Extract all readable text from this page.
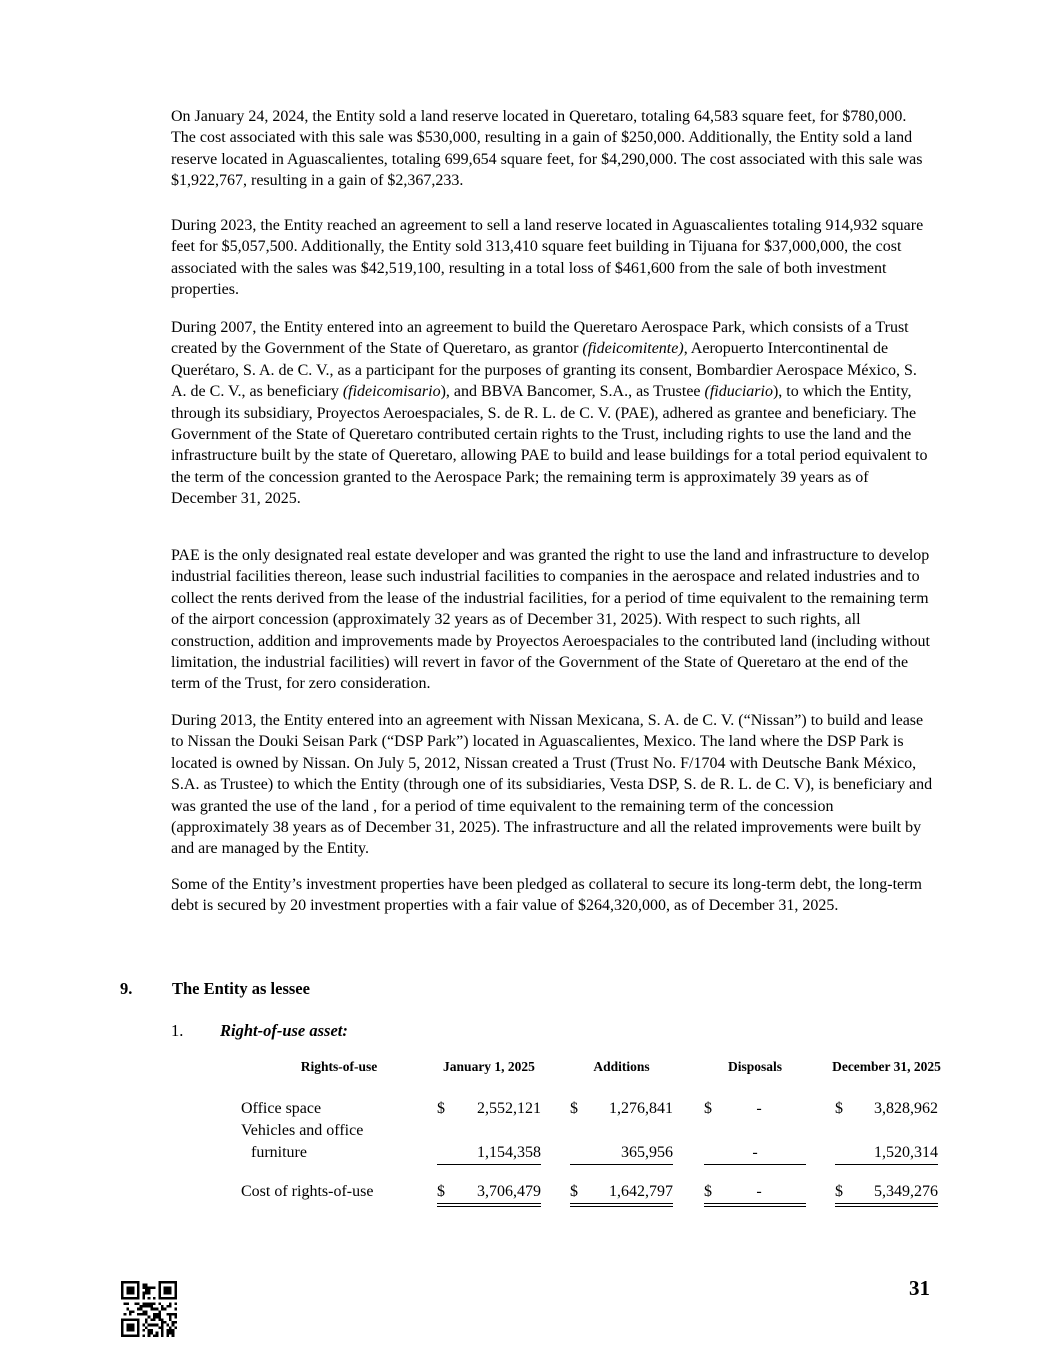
On January 24, 2024, the Entity sold a land reserve located in Queretaro, totaling 64,583 square feet, for $780,000. The cost associated with this sale was $530,000, resulting in a gain of $250,000. Additionally, the Entity sold a land reserve located in Aguascalientes, totaling 699,654 square feet, for $4,290,000. The cost associated with this sale was $1,922,767, resulting in a gain of $2,367,233.
During 2023, the Entity reached an agreement to sell a land reserve located in Aguascalientes totaling 914,932 square feet for $5,057,500. Additionally, the Entity sold 313,410 square feet building in Tijuana for $37,000,000, the cost associated with the sales was $42,519,100, resulting in a total loss of $461,600 from the sale of both investment properties.
During 2007, the Entity entered into an agreement to build the Queretaro Aerospace Park, which consists of a Trust created by the Government of the State of Queretaro, as grantor (fideicomitente), Aeropuerto Intercontinental de Querétaro, S. A. de C. V., as a participant for the purposes of granting its consent, Bombardier Aerospace México, S. A. de C. V., as beneficiary (fideicomisario), and BBVA Bancomer, S.A., as Trustee (fiduciario), to which the Entity, through its subsidiary, Proyectos Aeroespaciales, S. de R. L. de C. V. (PAE), adhered as grantee and beneficiary. The Government of the State of Queretaro contributed certain rights to the Trust, including rights to use the land and the infrastructure built by the state of Queretaro, allowing PAE to build and lease buildings for a total period equivalent to the term of the concession granted to the Aerospace Park; the remaining term is approximately 39 years as of December 31, 2025.
PAE is the only designated real estate developer and was granted the right to use the land and infrastructure to develop industrial facilities thereon, lease such industrial facilities to companies in the aerospace and related industries and to collect the rents derived from the lease of the industrial facilities, for a period of time equivalent to the remaining term of the airport concession (approximately 32 years as of December 31, 2025). With respect to such rights, all construction, addition and improvements made by Proyectos Aeroespaciales to the contributed land (including without limitation, the industrial facilities) will revert in favor of the Government of the State of Queretaro at the end of the term of the Trust, for zero consideration.
During 2013, the Entity entered into an agreement with Nissan Mexicana, S. A. de C. V. (“Nissan”) to build and lease to Nissan the Douki Seisan Park (“DSP Park”) located in Aguascalientes, Mexico. The land where the DSP Park is located is owned by Nissan. On July 5, 2012, Nissan created a Trust (Trust No. F/1704 with Deutsche Bank México, S.A. as Trustee) to which the Entity (through one of its subsidiaries, Vesta DSP, S. de R. L. de C. V), is beneficiary and was granted the use of the land , for a period of time equivalent to the remaining term of the concession (approximately 38 years as of December 31, 2025). The infrastructure and all the related improvements were built by and are managed by the Entity.
Some of the Entity’s investment properties have been pledged as collateral to secure its long-term debt, the long-term debt is secured by 20 investment properties with a fair value of $264,320,000, as of December 31, 2025.
9.	The Entity as lessee
1.	Right-of-use asset:
Rights-of-use	January 1, 2025	Additions	Disposals	December 31, 2025
Office space	$	2,552,121 $	1,276,841 $	-	$	3,828,962
Vehicles and office
furniture	1,154,358	365,956	-	1,520,314
Cost of rights-of-use	$	3,706,479 $	1,642,797 $	-	$	5,349,276
31
